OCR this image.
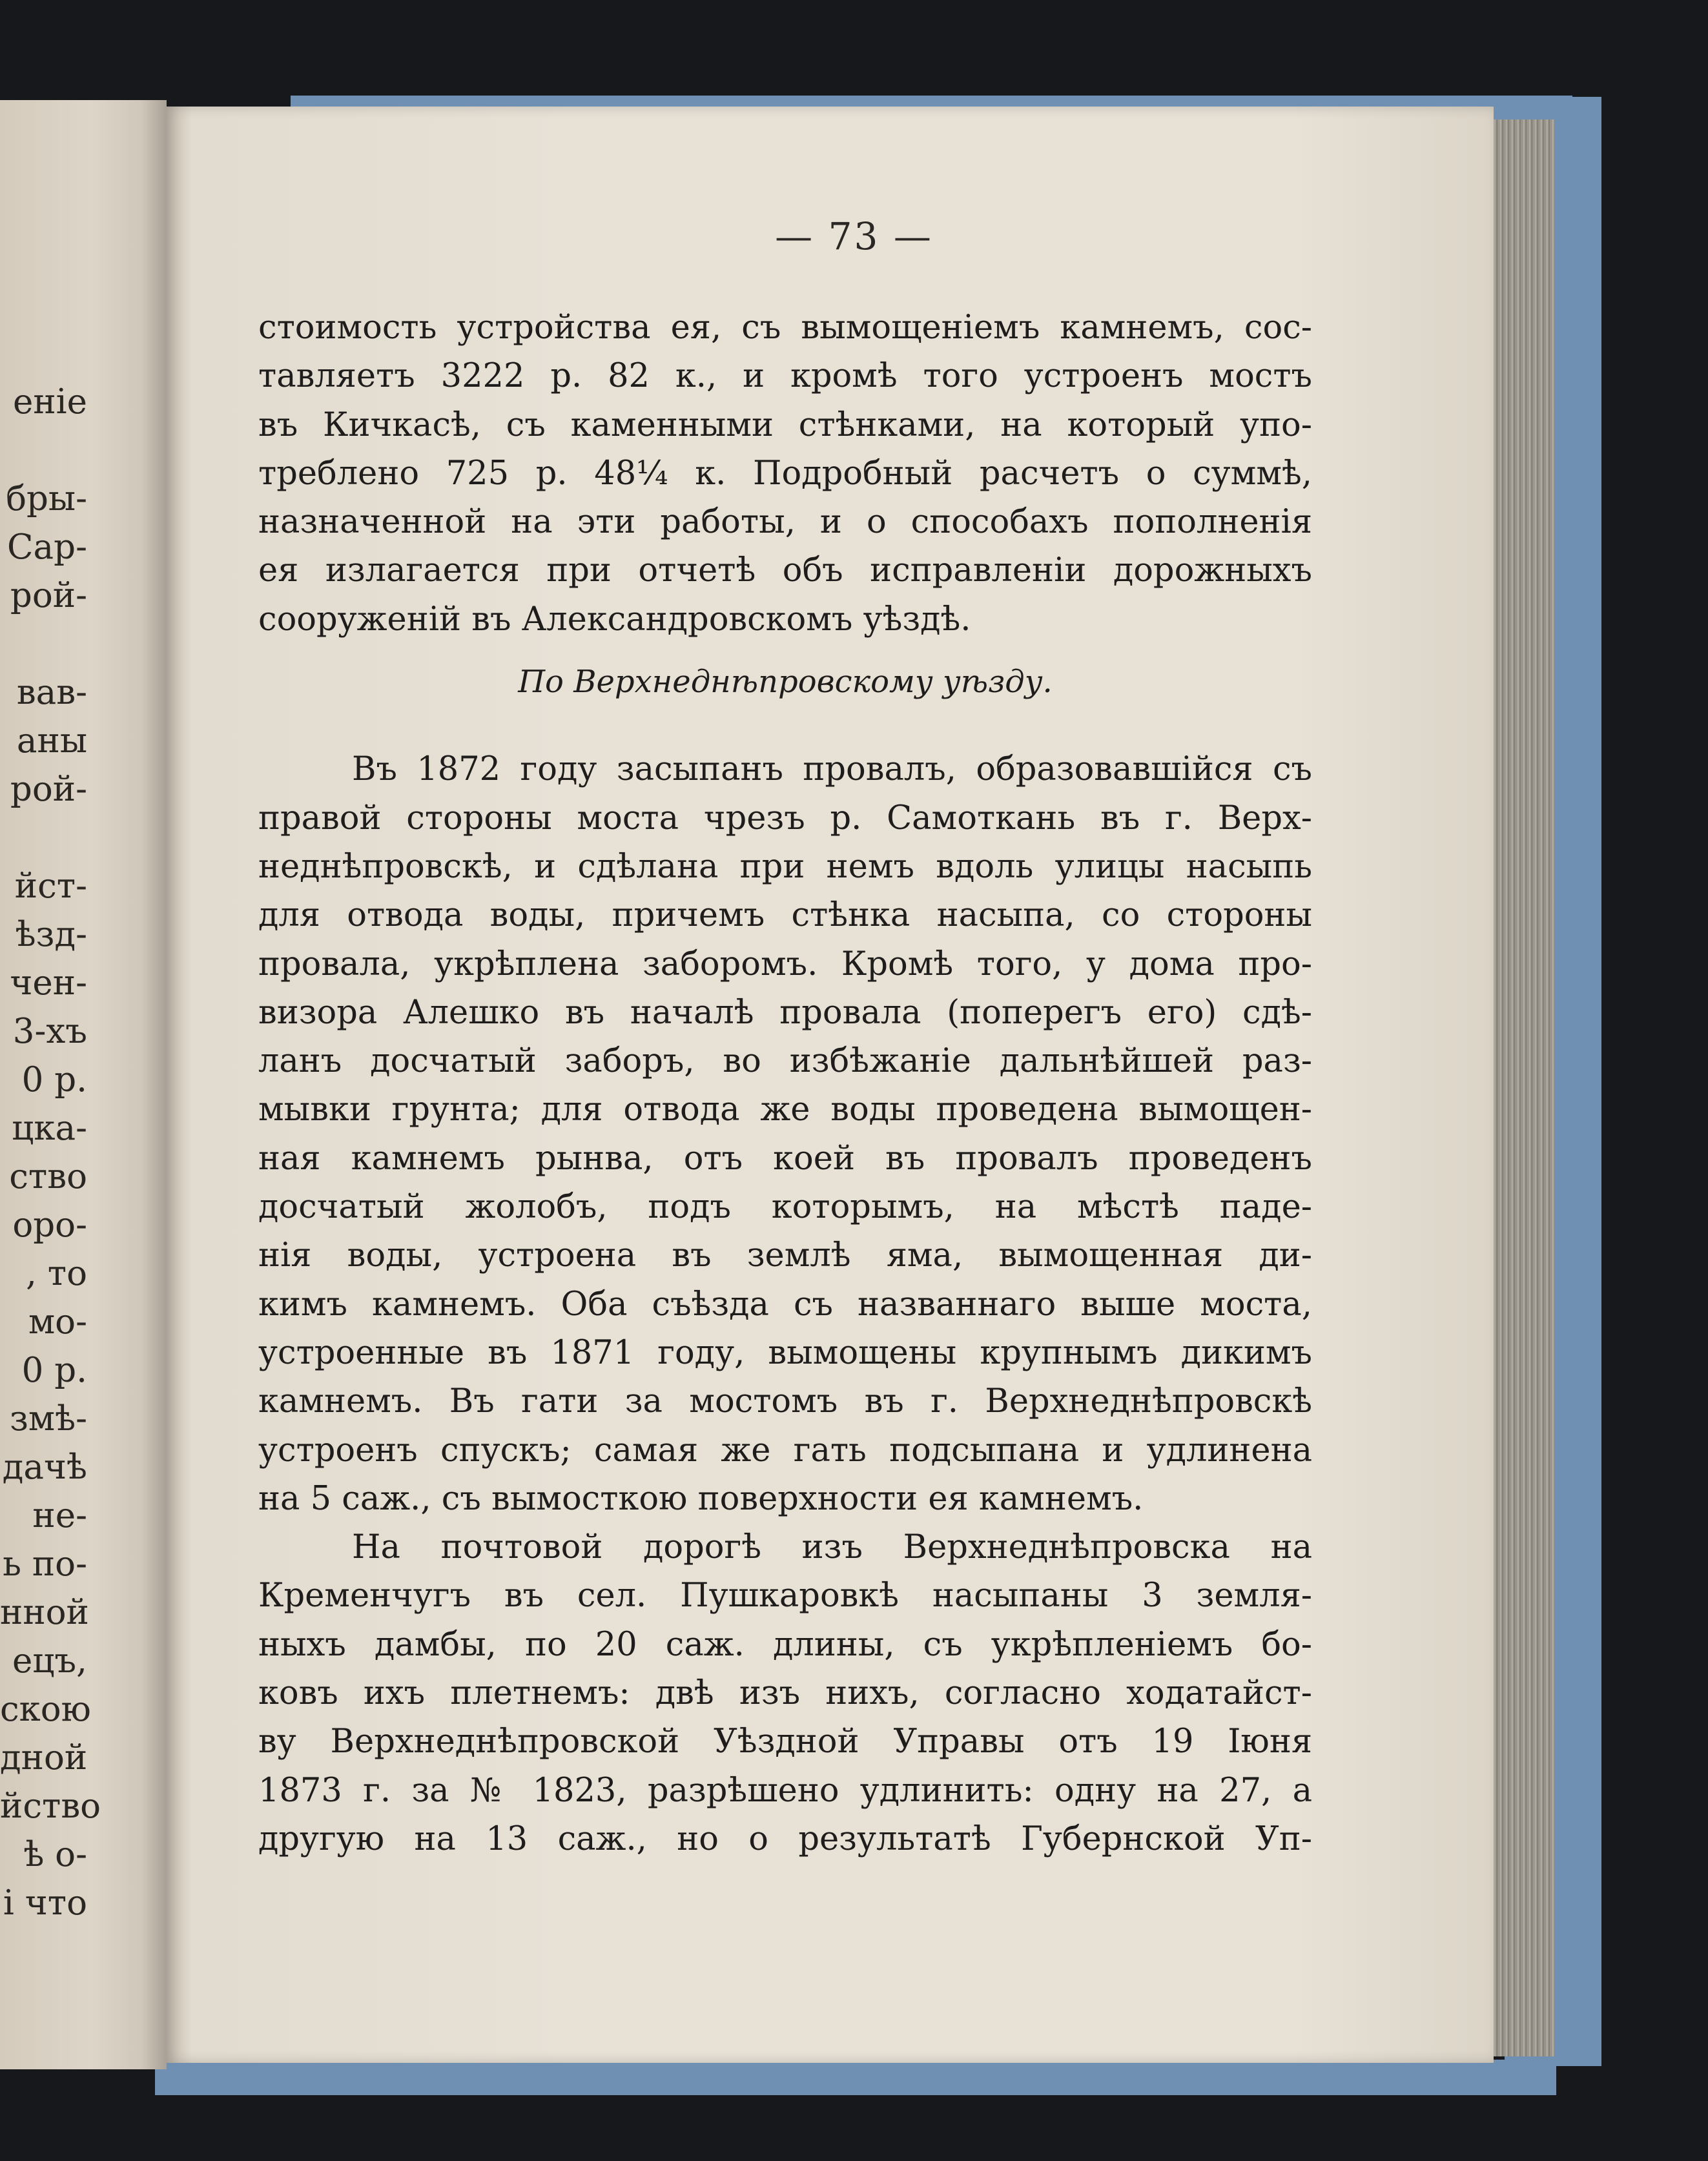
еніе
бры-
Сар-
рой-
вав-
аны
рой-
йст-
ѣзд-
чен-
3-хъ
0 р.
цка-
ство
оро-
, то
мо-
0 р.
змѣ-
дачѣ
не-
ь по-
нной
ецъ,
скою
дной
йство
ѣ о-
і что
— 73 —
стоимость устройства ея, съ вымощеніемъ камнемъ, сос-
тавляетъ 3222 р. 82 к., и кромѣ того устроенъ мостъ
въ Кичкасѣ, съ каменными стѣнками, на который упо-
треблено 725 р. 48¼ к. Подробный расчетъ о суммѣ,
назначенной на эти работы, и о способахъ пополненія
ея излагается при отчетѣ объ исправленіи дорожныхъ
сооруженій въ Александровскомъ уѣздѣ.
По Верхнеднѣпровскому уѣзду.
Въ 1872 году засыпанъ провалъ, образовавшійся съ
правой стороны моста чрезъ р. Самоткань въ г. Верх-
неднѣпровскѣ, и сдѣлана при немъ вдоль улицы насыпь
для отвода воды, причемъ стѣнка насыпа, со стороны
провала, укрѣплена заборомъ. Кромѣ того, у дома про-
визора Алешко въ началѣ провала (поперегъ его) сдѣ-
ланъ досчатый заборъ, во избѣжаніе дальнѣйшей раз-
мывки грунта; для отвода же воды проведена вымощен-
ная камнемъ рынва, отъ коей въ провалъ проведенъ
досчатый жолобъ, подъ которымъ, на мѣстѣ паде-
нія воды, устроена въ землѣ яма, вымощенная ди-
кимъ камнемъ. Оба съѣзда съ названнаго выше моста,
устроенные въ 1871 году, вымощены крупнымъ дикимъ
камнемъ. Въ гати за мостомъ въ г. Верхнеднѣпровскѣ
устроенъ спускъ; самая же гать подсыпана и удлинена
на 5 саж., съ вымосткою поверхности ея камнемъ.
На почтовой дорогѣ изъ Верхнеднѣпровска на
Кременчугъ въ сел. Пушкаровкѣ насыпаны 3 земля-
ныхъ дамбы, по 20 саж. длины, съ укрѣпленіемъ бо-
ковъ ихъ плетнемъ: двѣ изъ нихъ, согласно ходатайст-
ву Верхнеднѣпровской Уѣздной Управы отъ 19 Іюня
1873 г. за № 1823, разрѣшено удлинить: одну на 27, а
другую на 13 саж., но о результатѣ Губернской Уп-
